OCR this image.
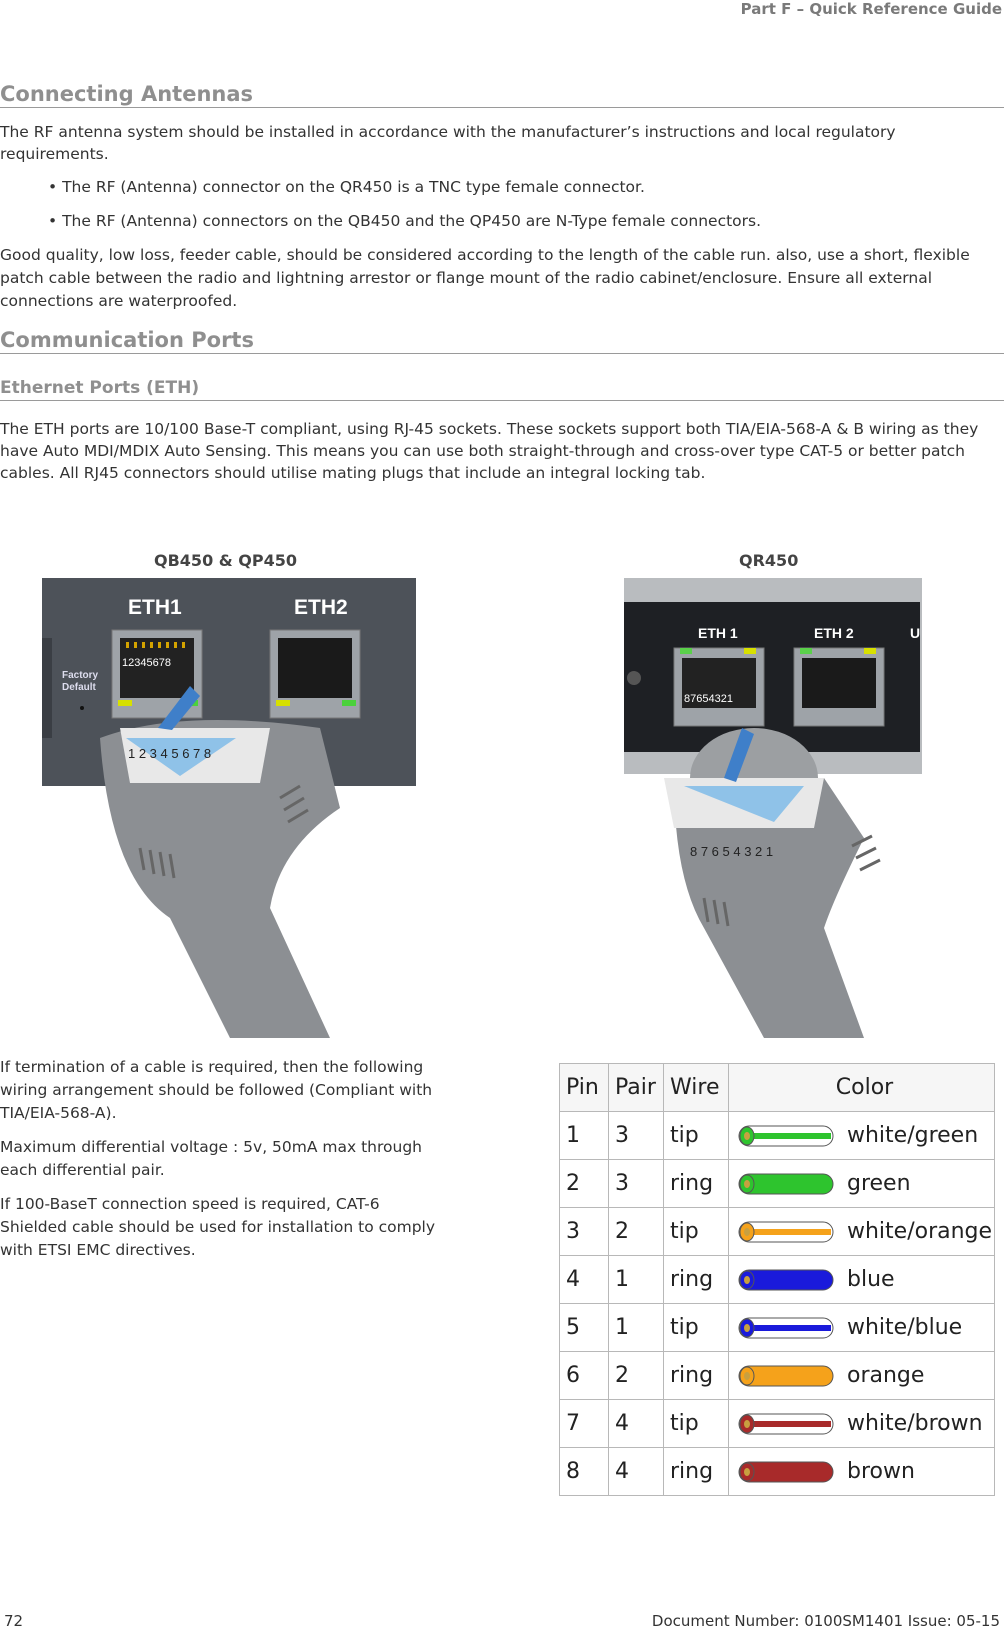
Part F – Quick Reference Guide
Connecting Antennas
The RF antenna system should be installed in accordance with the manufacturer’s instructions and local regulatory requirements.
• The RF (Antenna) connector on the QR450 is a TNC type female connector.
• The RF (Antenna) connectors on the QB450 and the QP450 are N-Type female connectors.
Good quality, low loss, feeder cable, should be considered according to the length of the cable run. also, use a short, flexible patch cable between the radio and lightning arrestor or flange mount of the radio cabinet/enclosure. Ensure all external connections are waterproofed.
Communication Ports
Ethernet Ports (ETH)
The ETH ports are 10/100 Base-T compliant, using RJ-45 sockets. These sockets support both TIA/EIA-568-A & B wiring as they have Auto MDI/MDIX Auto Sensing. This means you can use both straight-through and cross-over type CAT-5 or better patch cables. All RJ45 connectors should utilise mating plugs that include an integral locking tab.
QB450 & QP450	QR450
ETH1	ETH2
Factory
Default
12345678
1 2 3 4 5 6 7 8
ETH 1	ETH 2	U
87654321
8 7 6 5 4 3 2 1

If termination of a cable is required, then the following wiring arrangement should be followed (Compliant with TIA/EIA-568-A).

Maximum differential voltage : 5v, 50mA max through each differential pair.

If 100-BaseT connection speed is required, CAT-6 Shielded cable should be used for installation to comply with ETSI EMC directives.

Pin	Pair	Wire	Color
1	3	tip	white/green

2	3	ring	green

3	2	tip	white/orange

4	1	ring	blue

5	1	tip	white/blue

6	2	ring	orange

7	4	tip	white/brown

8	4	ring	brown
72	Document Number: 0100SM1401 Issue: 05-15
